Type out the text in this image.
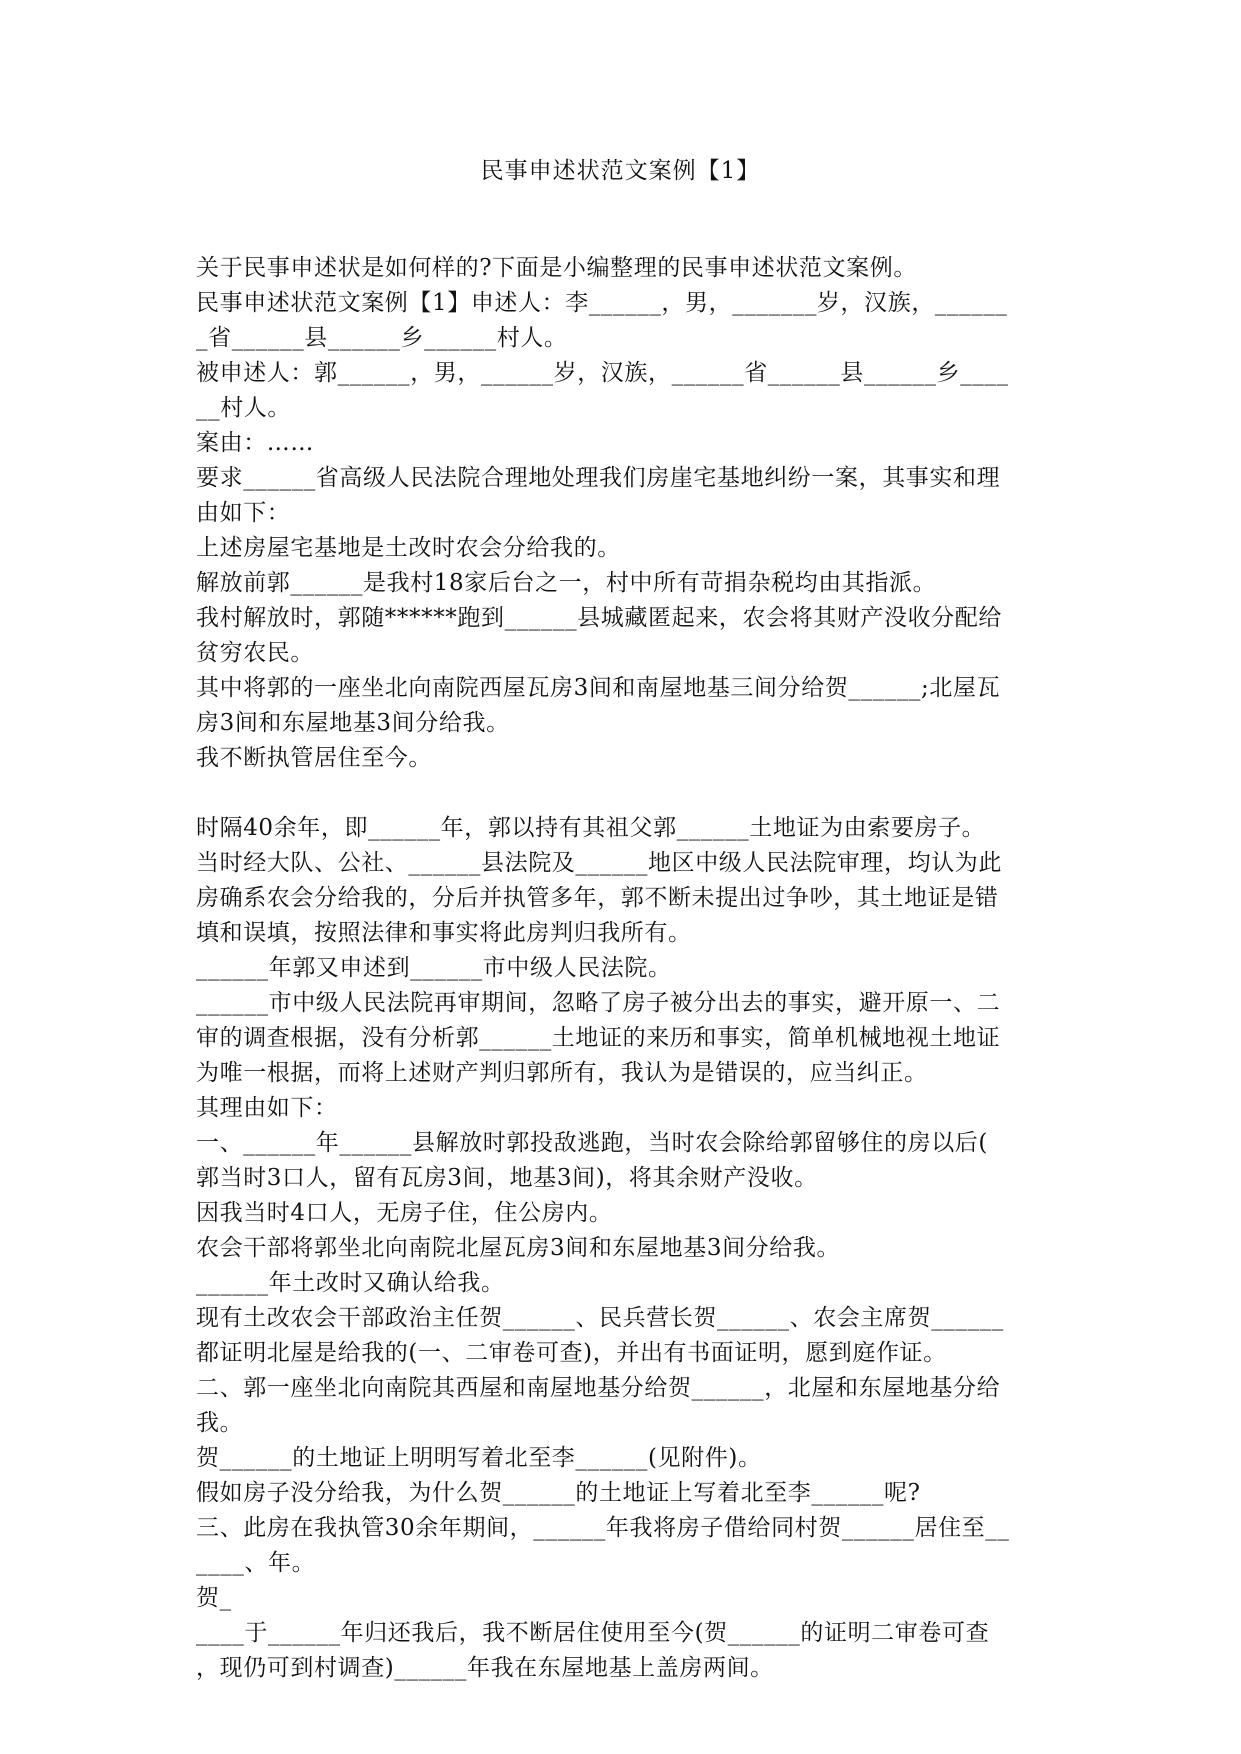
民事申述状范文案例【1】
关于民事申述状是如何样的?下面是小编整理的民事申述状范文案例。
民事申述状范文案例【1】申述人：李______，男，_______岁，汉族，______
_省______县______乡______村人。
被申述人：郭______，男，______岁，汉族，______省______县______乡____
__村人。
案由：……
要求______省高级人民法院合理地处理我们房崖宅基地纠纷一案，其事实和理
由如下：
上述房屋宅基地是土改时农会分给我的。
解放前郭______是我村18家后台之一，村中所有苛捐杂税均由其指派。
我村解放时，郭随******跑到______县城藏匿起来，农会将其财产没收分配给
贫穷农民。
其中将郭的一座坐北向南院西屋瓦房3间和南屋地基三间分给贺______;北屋瓦
房3间和东屋地基3间分给我。
我不断执管居住至今。
时隔40余年，即______年，郭以持有其祖父郭______土地证为由索要房子。
当时经大队、公社、______县法院及______地区中级人民法院审理，均认为此
房确系农会分给我的，分后并执管多年，郭不断未提出过争吵，其土地证是错
填和误填，按照法律和事实将此房判归我所有。
______年郭又申述到______市中级人民法院。
______市中级人民法院再审期间，忽略了房子被分出去的事实，避开原一、二
审的调查根据，没有分析郭______土地证的来历和事实，简单机械地视土地证
为唯一根据，而将上述财产判归郭所有，我认为是错误的，应当纠正。
其理由如下：
一、______年______县解放时郭投敌逃跑，当时农会除给郭留够住的房以后(
郭当时3口人，留有瓦房3间，地基3间)，将其余财产没收。
因我当时4口人，无房子住，住公房内。
农会干部将郭坐北向南院北屋瓦房3间和东屋地基3间分给我。
______年土改时又确认给我。
现有土改农会干部政治主任贺______、民兵营长贺______、农会主席贺______
都证明北屋是给我的(一、二审卷可查)，并出有书面证明，愿到庭作证。
二、郭一座坐北向南院其西屋和南屋地基分给贺______，北屋和东屋地基分给
我。
贺______的土地证上明明写着北至李______(见附件)。
假如房子没分给我，为什么贺______的土地证上写着北至李______呢?
三、此房在我执管30余年期间，______年我将房子借给同村贺______居住至__
____、年。
贺_
____于______年归还我后，我不断居住使用至今(贺______的证明二审卷可查
，现仍可到村调查)______年我在东屋地基上盖房两间。
